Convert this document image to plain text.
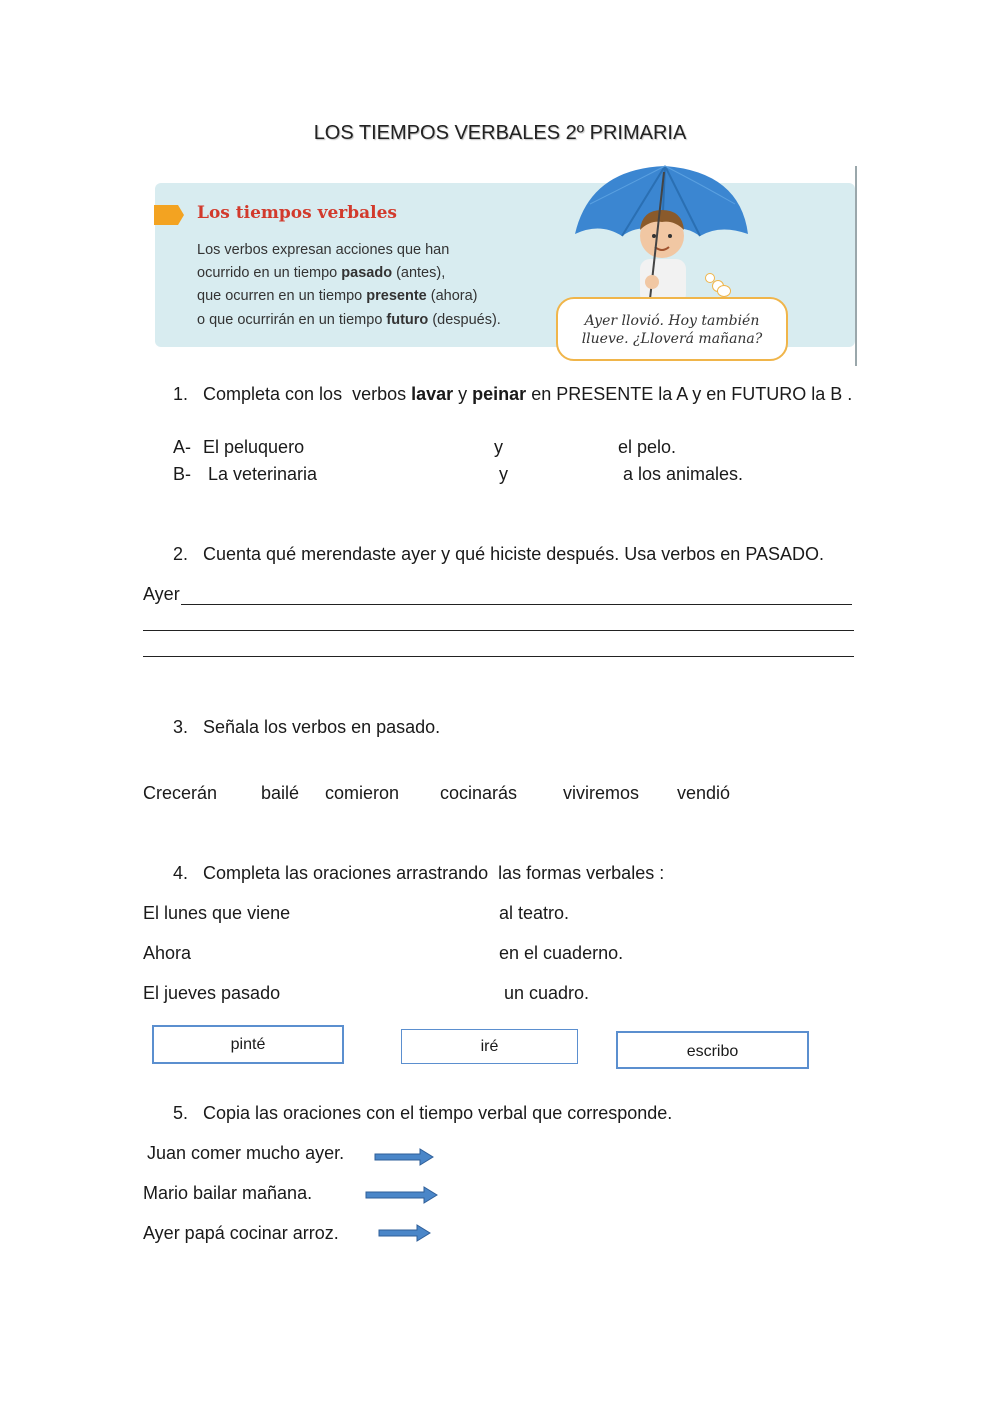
LOS TIEMPOS VERBALES 2º PRIMARIA
Los tiempos verbales
Los verbos expresan acciones que han
ocurrido en un tiempo pasado (antes),
que ocurren en un tiempo presente (ahora)
o que ocurrirán en un tiempo futuro (después).	Ayer llovió. Hoy también
llueve. ¿Lloverá mañana?
1. Completa con los  verbos lavar y peinar en PRESENTE la A y en FUTURO la B .
A- El peluquero	y	el pelo.
B- La veterinaria	y	a los animales.
2. Cuenta qué merendaste ayer y qué hiciste después. Usa verbos en PASADO.
Ayer
3. Señala los verbos en pasado.
Crecerán bailé comieron cocinarás	viviremos vendió
4. Completa las oraciones arrastrando  las formas verbales :
El lunes que viene	al teatro.
Ahora	en el cuaderno.
El jueves pasado	un cuadro.
pinté	iré	escribo
5. Copia las oraciones con el tiempo verbal que corresponde.
Juan comer mucho ayer.
Mario bailar mañana.
Ayer papá cocinar arroz.
